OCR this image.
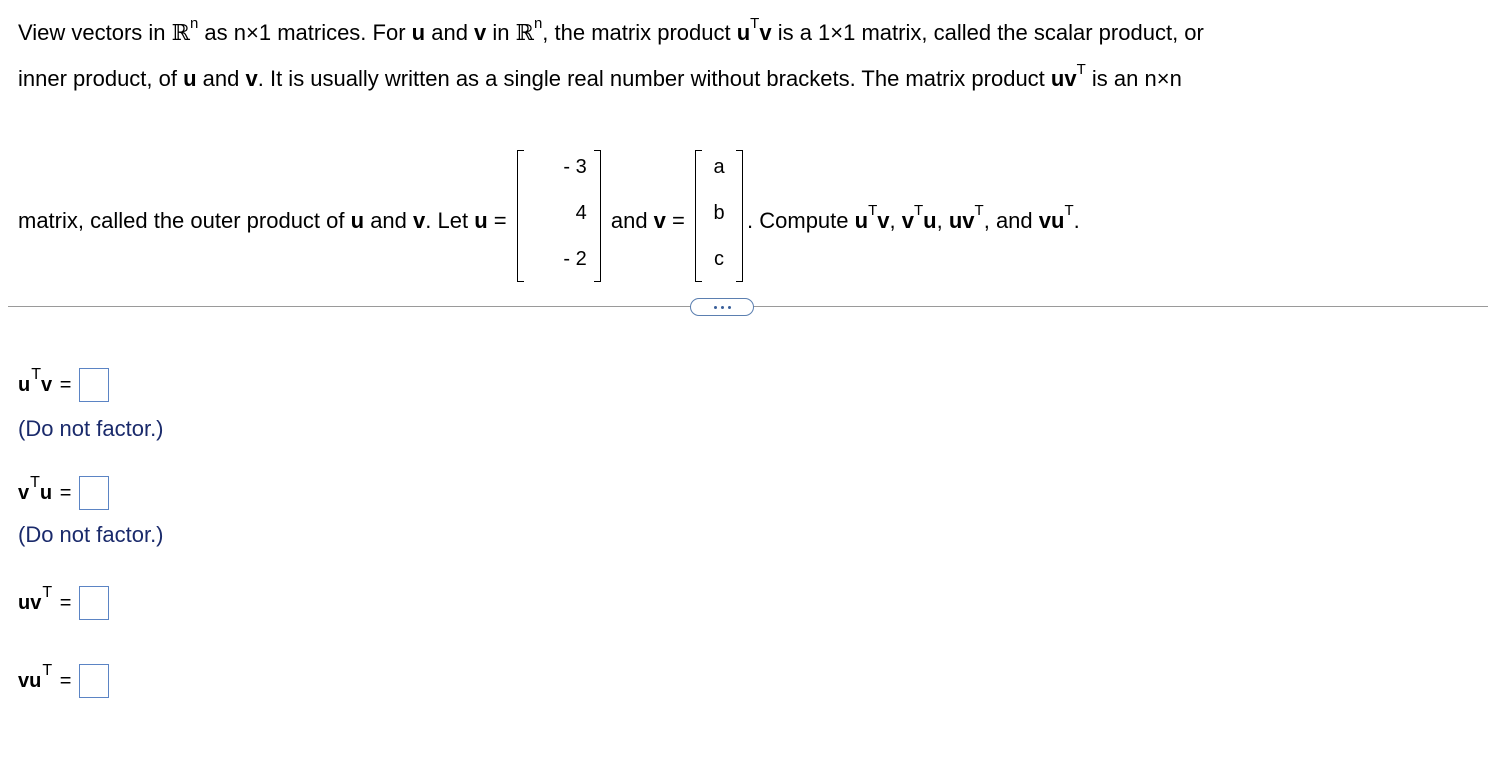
View vectors in ℝ$^n$ as n×1 matrices. For u and v in ℝ$^n$, the matrix product $u^Tv$ is a 1×1 matrix, called the scalar product, or
inner product, of u and v. It is usually written as a single real number without brackets. The matrix product $uv^T$ is an n×n
matrix, called the outer product of u and v. Let u =
- 3
4
- 2
and v =
a
b
c
. Compute $u^Tv$, $v^Tu$, $uv^T$, and $vu^T$.
$u^Tv$ =
(Do not factor.)
$v^Tu$ =
(Do not factor.)
$uv^T$ =
$vu^T$ =
